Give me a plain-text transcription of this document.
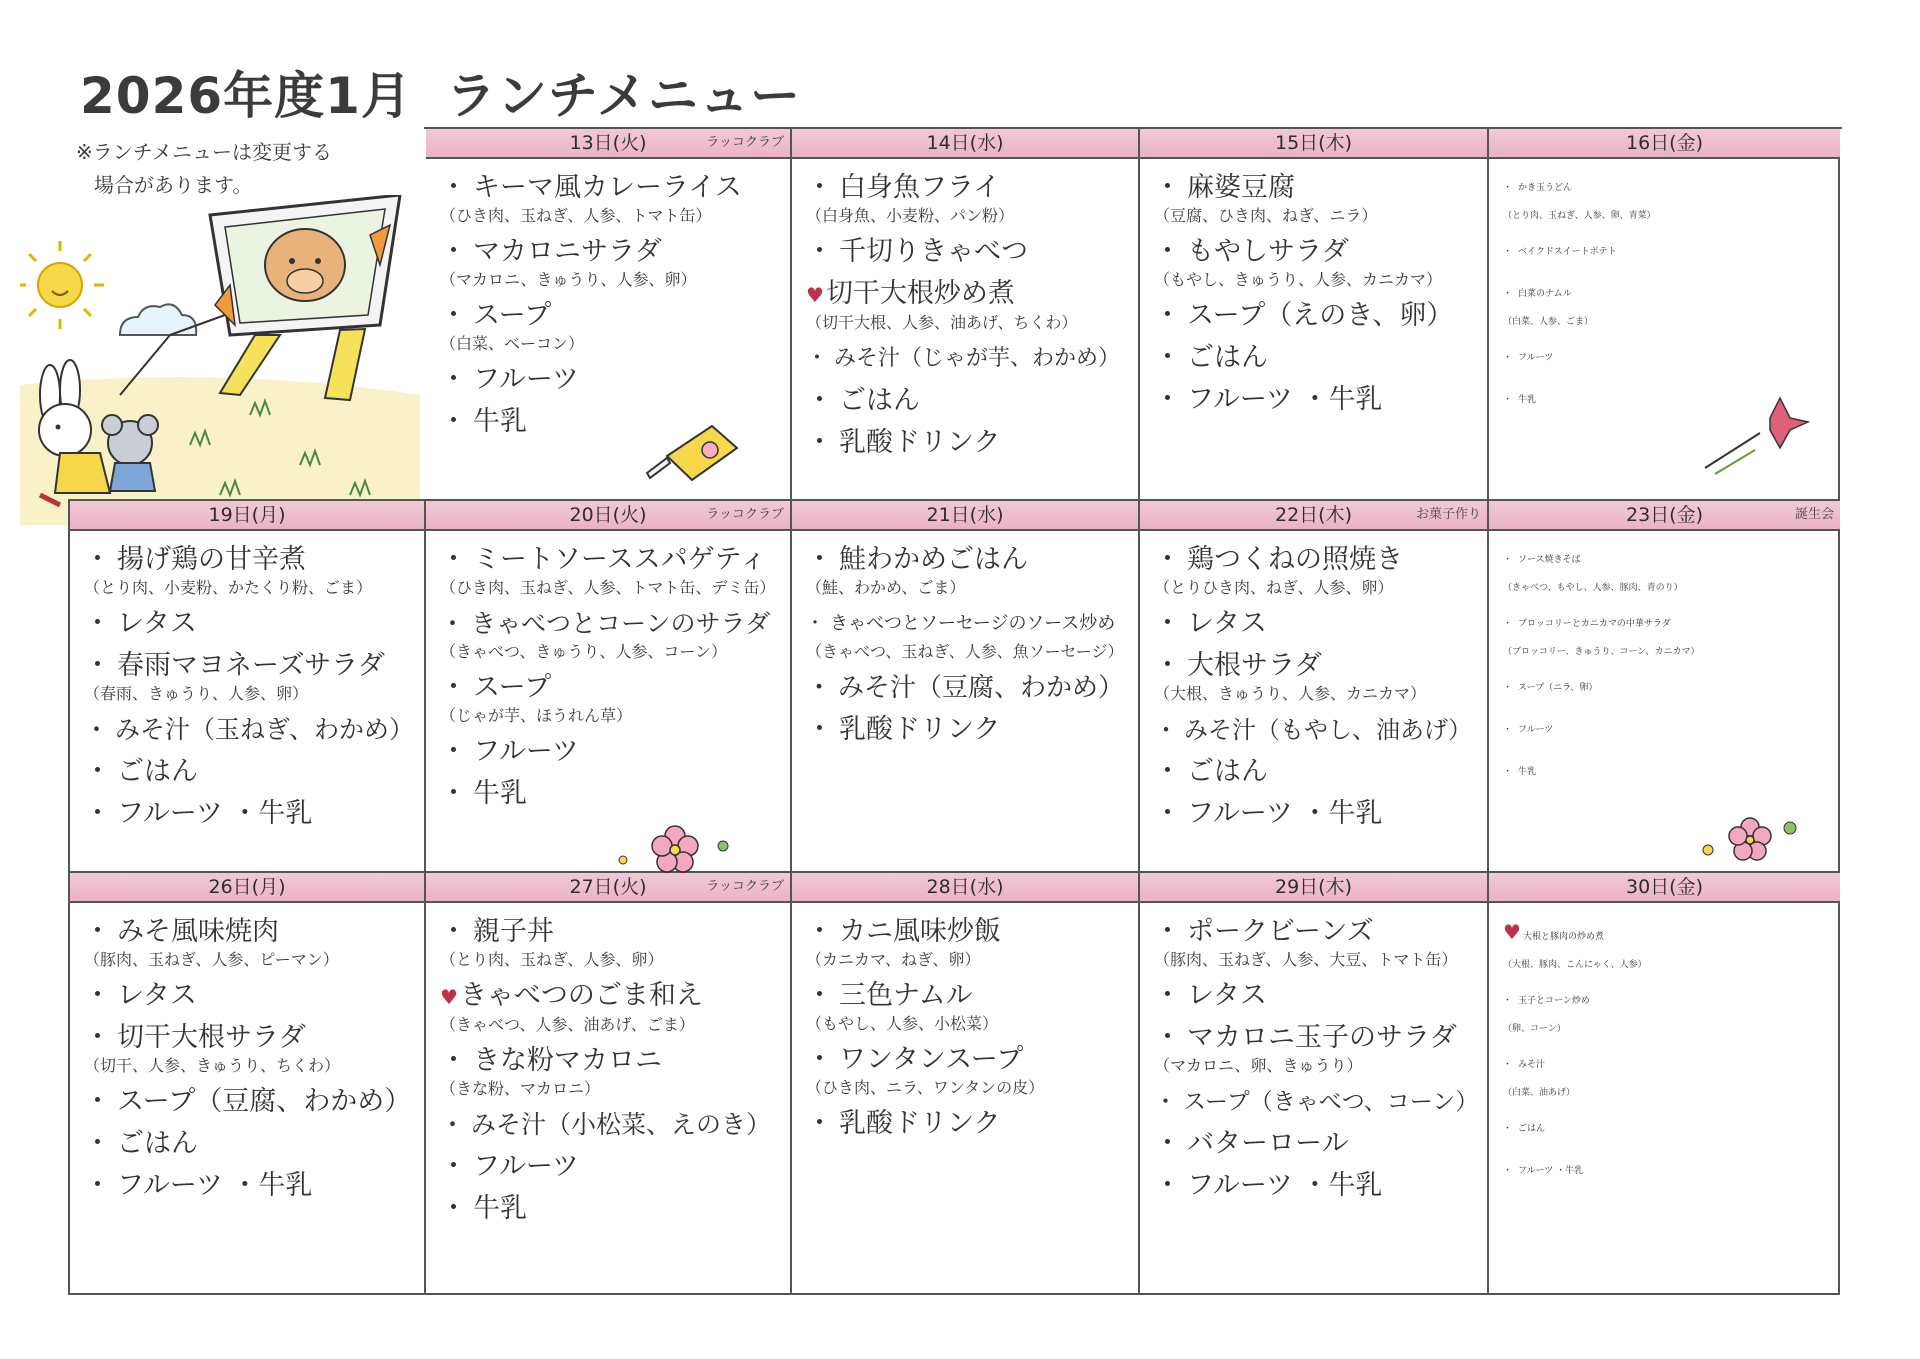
2026年度1月 ランチメニュー
※ランチメニューは変更する
場合があります。
13日(火)	ラッコクラブ
・ キーマ風カレーライス
（ひき肉、玉ねぎ、人参、トマト缶）
・ マカロニサラダ
（マカロニ、きゅうり、人参、卵）
・ スープ
（白菜、ベーコン）
・ フルーツ
・ 牛乳
14日(水)
・ 白身魚フライ
（白身魚、小麦粉、パン粉）
・ 千切りきゃべつ
♥切干大根炒め煮
（切干大根、人参、油あげ、ちくわ）
・ みそ汁（じゃが芋、わかめ）
・ ごはん
・ 乳酸ドリンク
15日(木)
・ 麻婆豆腐
（豆腐、ひき肉、ねぎ、ニラ）
・ もやしサラダ
（もやし、きゅうり、人参、カニカマ）
・ スープ（えのき、卵）
・ ごはん
・ フルーツ ・牛乳
16日(金)
・ かき玉うどん
（とり肉、玉ねぎ、人参、卵、青菜）
・ ベイクドスイートポテト
・ 白菜のナムル
（白菜、人参、ごま）
・ フルーツ
・ 牛乳
19日(月)
・ 揚げ鶏の甘辛煮
（とり肉、小麦粉、かたくり粉、ごま）
・ レタス
・ 春雨マヨネーズサラダ
（春雨、きゅうり、人参、卵）
・ みそ汁（玉ねぎ、わかめ）
・ ごはん
・ フルーツ ・牛乳
20日(火)	ラッコクラブ
・ ミートソーススパゲティ
（ひき肉、玉ねぎ、人参、トマト缶、デミ缶）
・ きゃべつとコーンのサラダ
（きゃべつ、きゅうり、人参、コーン）
・ スープ
（じゃが芋、ほうれん草）
・ フルーツ
・ 牛乳
21日(水)
・ 鮭わかめごはん
（鮭、わかめ、ごま）
・ きゃべつとソーセージのソース炒め
（きゃべつ、玉ねぎ、人参、魚ソーセージ）
・ みそ汁（豆腐、わかめ）
・ 乳酸ドリンク
22日(木)	お菓子作り
・ 鶏つくねの照焼き
（とりひき肉、ねぎ、人参、卵）
・ レタス
・ 大根サラダ
（大根、きゅうり、人参、カニカマ）
・ みそ汁（もやし、油あげ）
・ ごはん
・ フルーツ ・牛乳
23日(金)	誕生会
・ ソース焼きそば
（きゃべつ、もやし、人参、豚肉、青のり）
・ ブロッコリーとカニカマの中華サラダ
（ブロッコリー、きゅうり、コーン、カニカマ）
・ スープ（ニラ、卵）
・ フルーツ
・ 牛乳
26日(月)
・ みそ風味焼肉
（豚肉、玉ねぎ、人参、ピーマン）
・ レタス
・ 切干大根サラダ
（切干、人参、きゅうり、ちくわ）
・ スープ（豆腐、わかめ）
・ ごはん
・ フルーツ ・牛乳
27日(火)	ラッコクラブ
・ 親子丼
（とり肉、玉ねぎ、人参、卵）
♥きゃべつのごま和え
（きゃべつ、人参、油あげ、ごま）
・ きな粉マカロニ
（きな粉、マカロニ）
・ みそ汁（小松菜、えのき）
・ フルーツ
・ 牛乳
28日(水)
・ カニ風味炒飯
（カニカマ、ねぎ、卵）
・ 三色ナムル
（もやし、人参、小松菜）
・ ワンタンスープ
（ひき肉、ニラ、ワンタンの皮）
・ 乳酸ドリンク
29日(木)
・ ポークビーンズ
（豚肉、玉ねぎ、人参、大豆、トマト缶）
・ レタス
・ マカロニ玉子のサラダ
（マカロニ、卵、きゅうり）
・ スープ（きゃべつ、コーン）
・ バターロール
・ フルーツ ・牛乳
30日(金)
♥ 大根と豚肉の炒め煮
（大根、豚肉、こんにゃく、人参）
・ 玉子とコーン炒め
（卵、コーン）
・ みそ汁
（白菜、油あげ）
・ ごはん
・ フルーツ ・牛乳
